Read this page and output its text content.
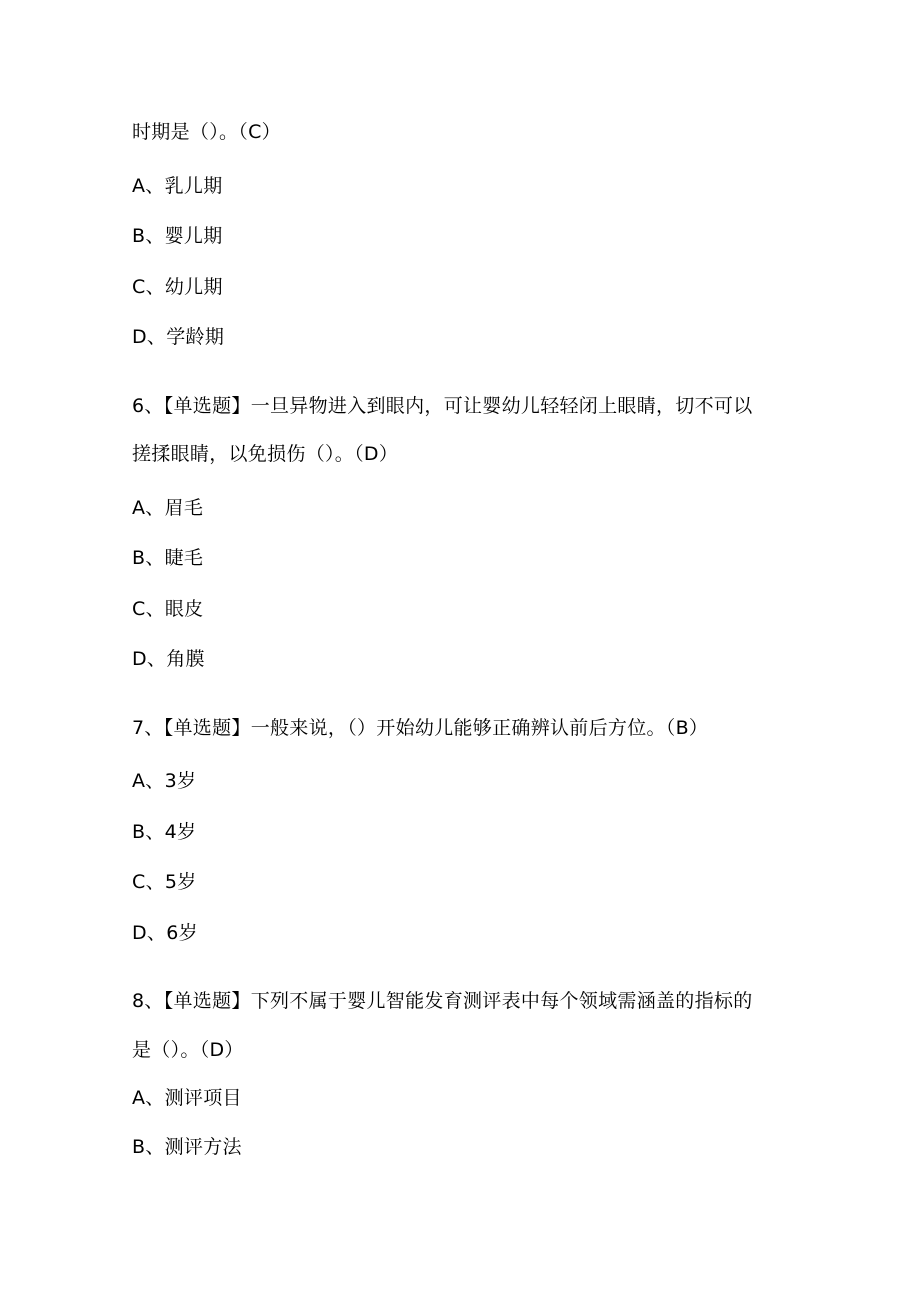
时期是（）。（C）
A、乳儿期
B、婴儿期
C、幼儿期
D、学龄期
6、【单选题】一旦异物进入到眼内，可让婴幼儿轻轻闭上眼睛，切不可以
搓揉眼睛，以免损伤（）。（D）
A、眉毛
B、睫毛
C、眼皮
D、角膜
7、【单选题】一般来说，（）开始幼儿能够正确辨认前后方位。（B）
A、3岁
B、4岁
C、5岁
D、6岁
8、【单选题】下列不属于婴儿智能发育测评表中每个领域需涵盖的指标的
是（）。（D）
A、测评项目
B、测评方法
